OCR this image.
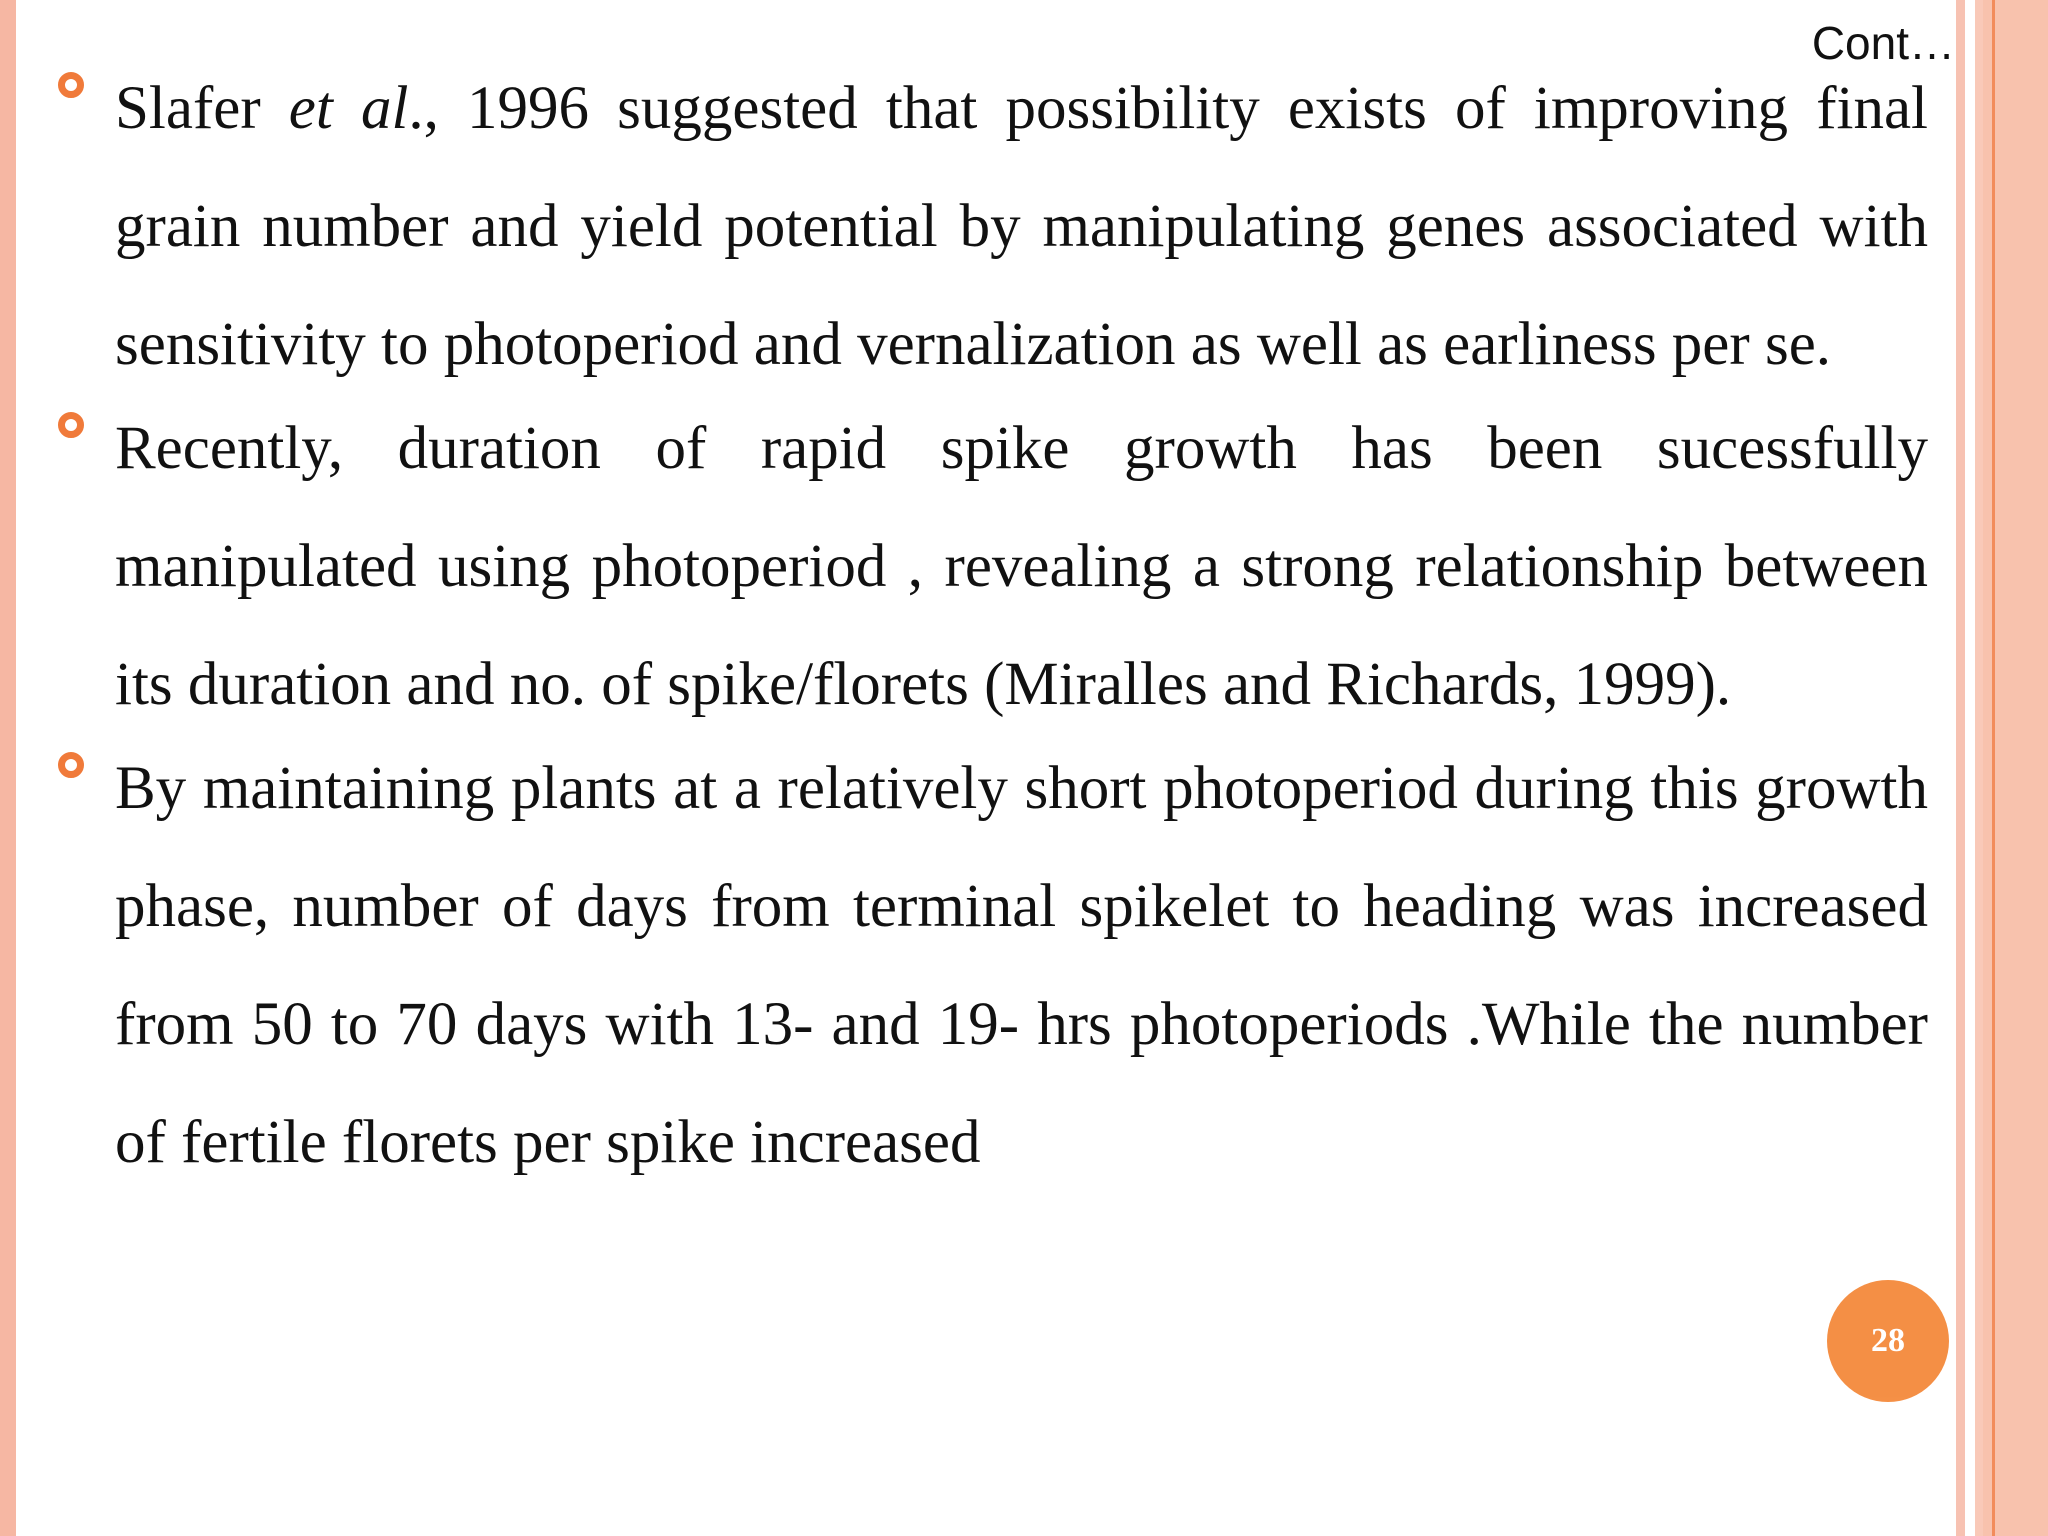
Cont…
Slafer et al., 1996 suggested that possibility exists of improving final grain number and yield potential by manipulating genes associated with sensitivity to photoperiod and vernalization as well as earliness per se.
Recently, duration of rapid spike growth has been sucessfully manipulated using photoperiod , revealing a strong relationship between its duration and no. of spike/florets (Miralles and Richards, 1999).
By maintaining plants at a relatively short photoperiod during this growth phase, number of days from terminal spikelet to heading was increased from 50 to 70 days with 13- and 19- hrs photoperiods .While the number of fertile florets per spike increased
28
